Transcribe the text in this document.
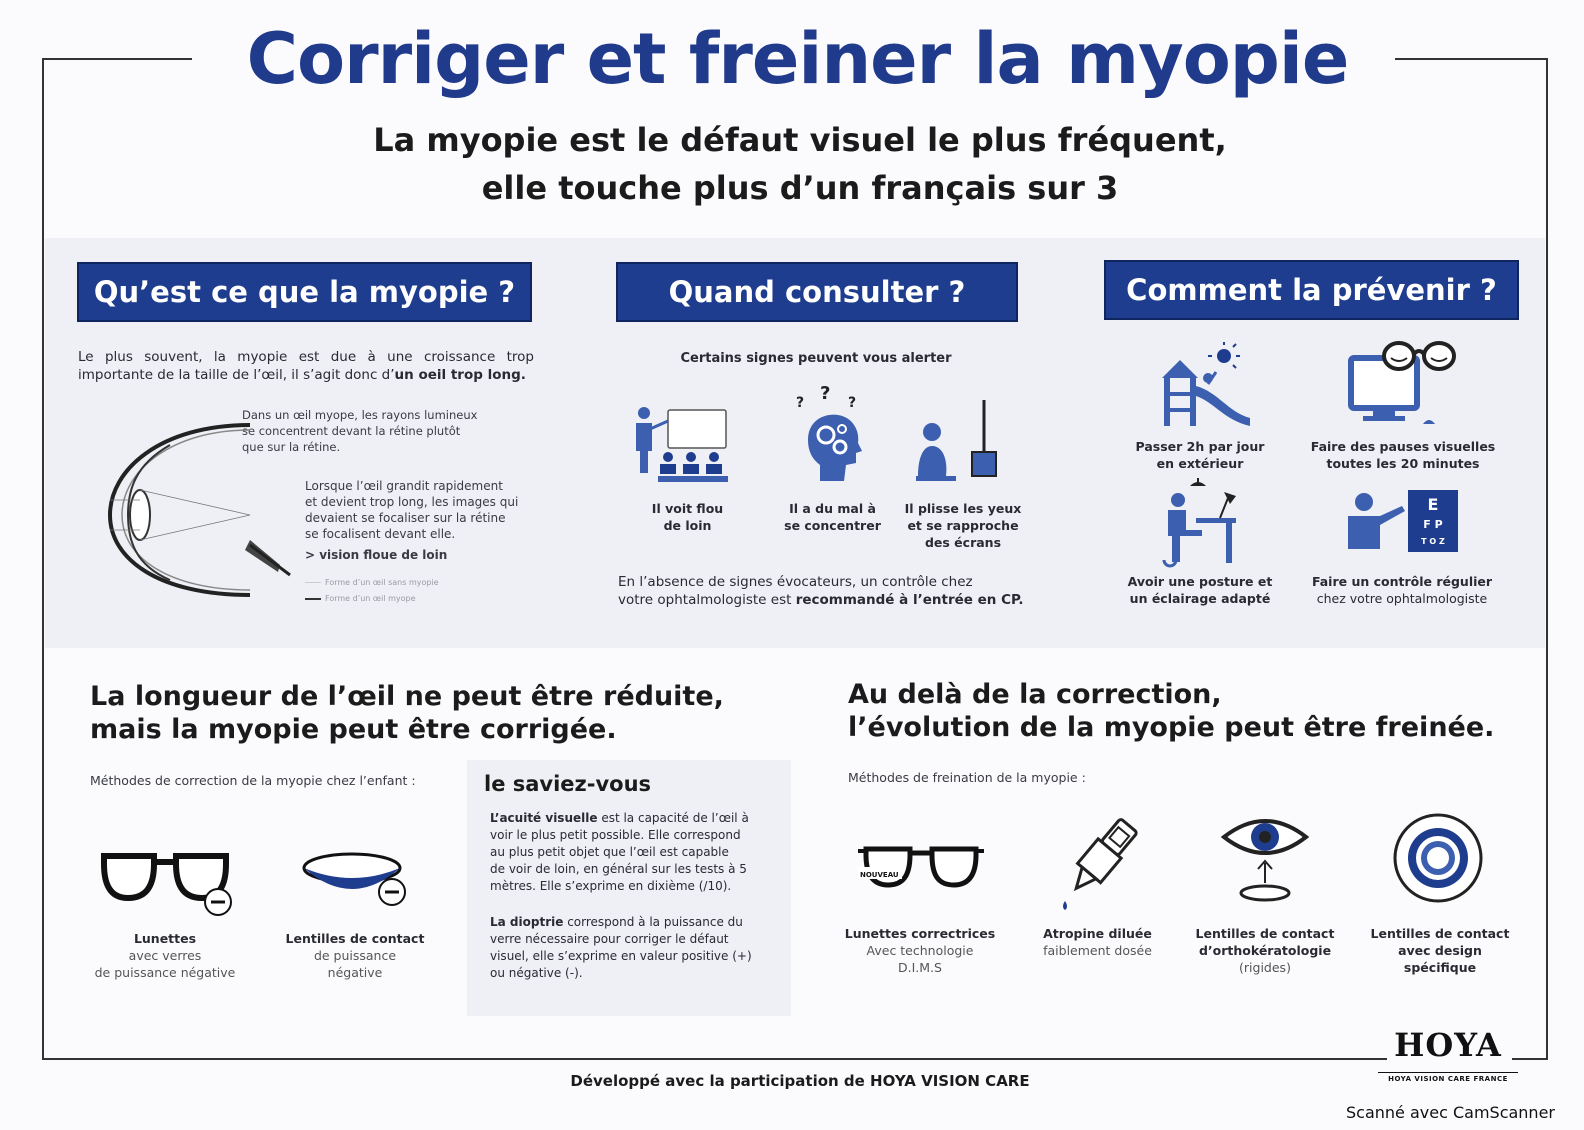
Corriger et freiner la myopie
La myopie est le défaut visuel le plus fréquent,
elle touche plus d’un français sur 3
Qu’est ce que la myopie ?
Le plus souvent, la myopie est due à une croissance trop importante de la taille de l’œil, il s’agit donc d’un oeil trop long.
Dans un œil myope, les rayons lumineux
se concentrent devant la rétine plutôt
que sur la rétine.
Lorsque l’œil grandit rapidement
et devient trop long, les images qui
devaient se focaliser sur la rétine
se focalisent devant elle.
> vision floue de loin
Forme d’un œil sans myopie
Forme d’un œil myope
Quand consulter ?
Certains signes peuvent vous alerter
Il voit flou
de loin
? ? ?
Il a du mal à
se concentrer
Il plisse les yeux
et se rapproche
des écrans
En l’absence de signes évocateurs, un contrôle chez
votre ophtalmologiste est recommandé à l’entrée en CP.
Comment la prévenir ?
Passer 2h par jour
en extérieur
Faire des pauses visuelles
toutes les 20 minutes
Avoir une posture et
un éclairage adapté
E
F P
T O Z
Faire un contrôle régulier
chez votre ophtalmologiste
La longueur de l’œil ne peut être réduite,
mais la myopie peut être corrigée.
Méthodes de correction de la myopie chez l’enfant :
Lunettes
avec verres
de puissance négative
Lentilles de contact
de puissance
négative
le saviez-vous
L’acuité visuelle est la capacité de l’œil à
voir le plus petit possible. Elle correspond
au plus petit objet que l’œil est capable
de voir de loin, en général sur les tests à 5
mètres. Elle s’exprime en dixième (/10).
La dioptrie correspond à la puissance du
verre nécessaire pour corriger le défaut
visuel, elle s’exprime en valeur positive (+)
ou négative (-).
Au delà de la correction,
l’évolution de la myopie peut être freinée.
Méthodes de freination de la myopie :
NOUVEAU
Lunettes correctrices
Avec technologie
D.I.M.S
Atropine diluée
faiblement dosée
Lentilles de contact
d’orthokératologie
(rigides)
Lentilles de contact
avec design
spécifique
HOYA
HOYA VISION CARE FRANCE
Développé avec la participation de HOYA VISION CARE
Scanné avec CamScanner
